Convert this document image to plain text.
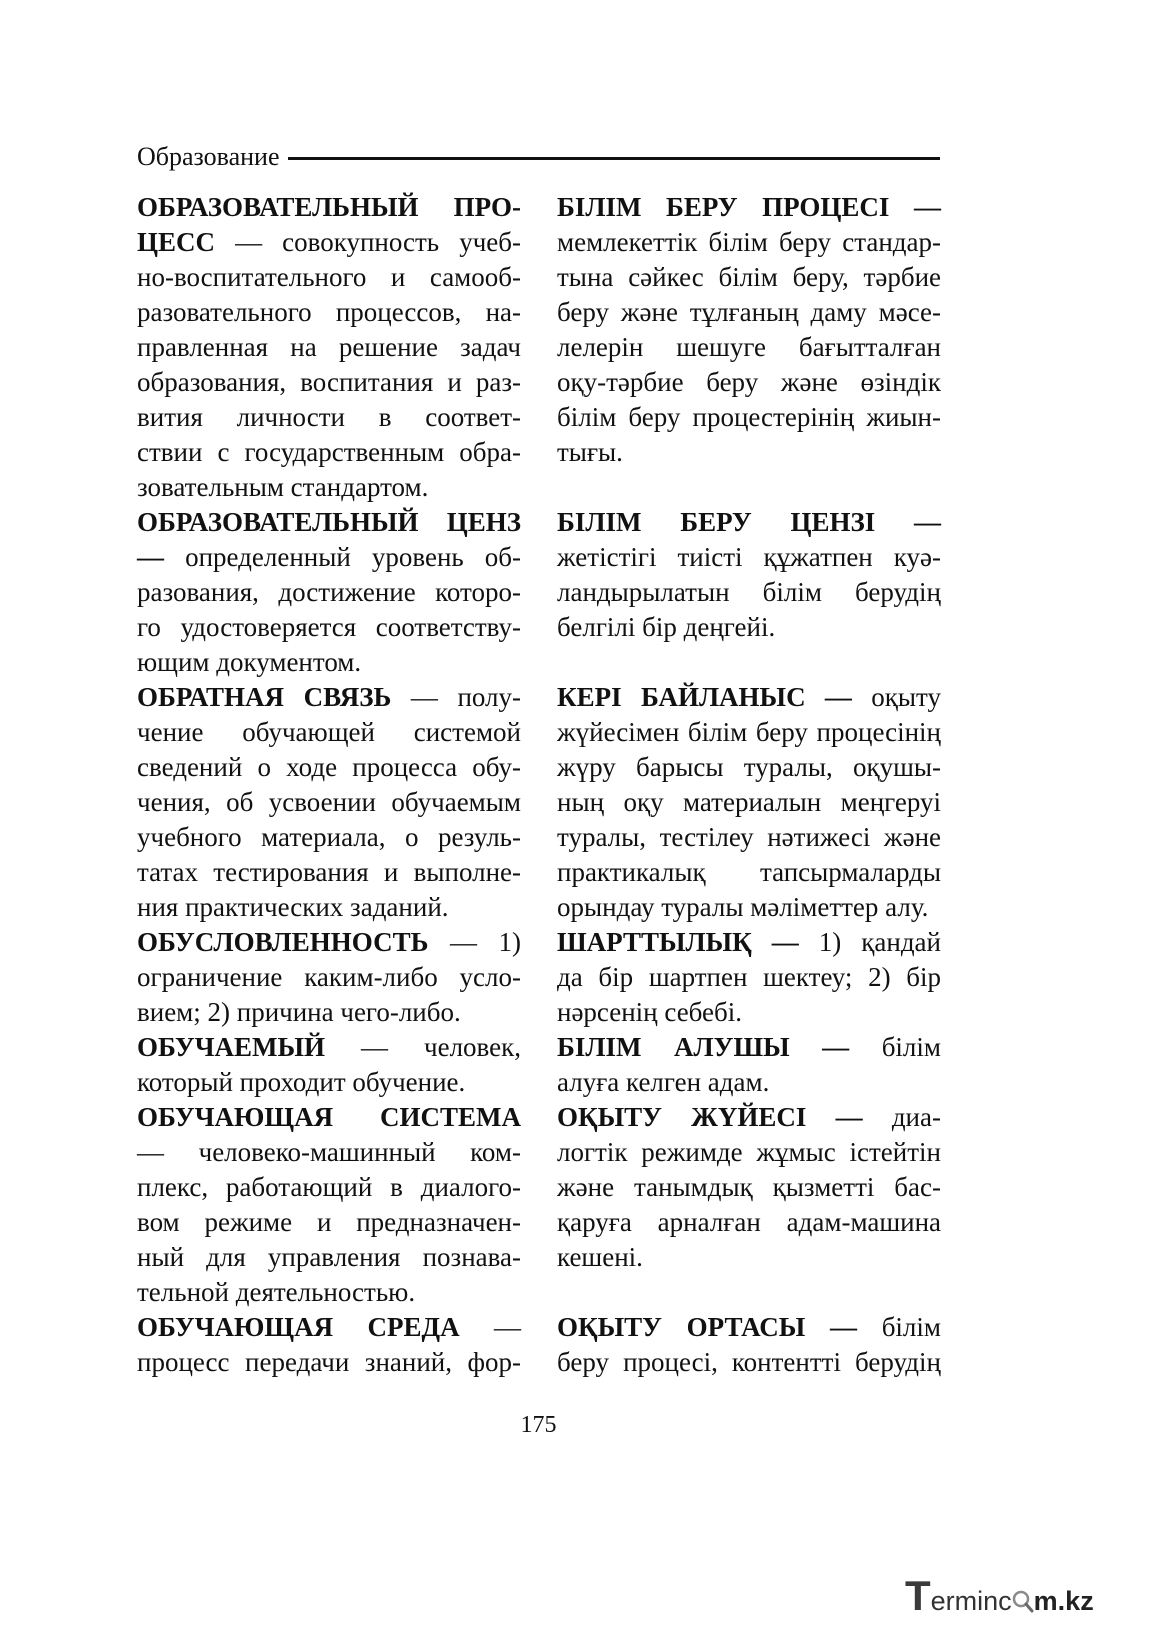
Образование
ОБРАЗОВАТЕЛЬНЫЙ ПРО-
ЦЕСС — совокупность учеб-
но-воспитательного и самооб-
разовательного процессов, на-
правленная на решение задач
образования, воспитания и раз-
вития личности в соответ-
ствии с государственным обра-
зовательным стандартом.
БІЛІМ БЕРУ ПРОЦЕСІ —
мемлекеттік білім беру стандар-
тына сәйкес білім беру, тәрбие
беру және тұлғаның даму мәсе-
лелерін шешуге бағытталған
оқу-тәрбие беру және өзіндік
білім беру процестерінің жиын-
тығы.
ОБРАЗОВАТЕЛЬНЫЙ ЦЕНЗ
— определенный уровень об-
разования, достижение которо-
го удостоверяется соответству-
ющим документом.
БІЛІМ БЕРУ ЦЕНЗІ —
жетістігі тиісті құжатпен куә-
ландырылатын білім берудің
белгілі бір деңгейі.
ОБРАТНАЯ СВЯЗЬ — полу-
чение обучающей системой
сведений о ходе процесса обу-
чения, об усвоении обучаемым
учебного материала, о резуль-
татах тестирования и выполне-
ния практических заданий.
КЕРІ БАЙЛАНЫС — оқыту
жүйесімен білім беру процесінің
жүру барысы туралы, оқушы-
ның оқу материалын меңгеруі
туралы, тестілеу нәтижесі және
практикалық тапсырмаларды
орындау туралы мәліметтер алу.
ОБУСЛОВЛЕННОСТЬ — 1)
ограничение каким-либо усло-
вием; 2) причина чего-либо.
ШАРТТЫЛЫҚ — 1) қандай
да бір шартпен шектеу; 2) бір
нәрсенің себебі.
ОБУЧАЕМЫЙ — человек,
который проходит обучение.
БІЛІМ АЛУШЫ — білім
алуға келген адам.
ОБУЧАЮЩАЯ СИСТЕМА
— человеко-машинный ком-
плекс, работающий в диалого-
вом режиме и предназначен-
ный для управления познава-
тельной деятельностью.
ОҚЫТУ ЖҮЙЕСІ — диа-
логтік режимде жұмыс істейтін
және танымдық қызметті бас-
қаруға арналған адам-машина
кешені.
ОБУЧАЮЩАЯ СРЕДА —
процесс передачи знаний, фор-
ОҚЫТУ ОРТАСЫ — білім
беру процесі, контентті берудің
175
T erminc m.kz
